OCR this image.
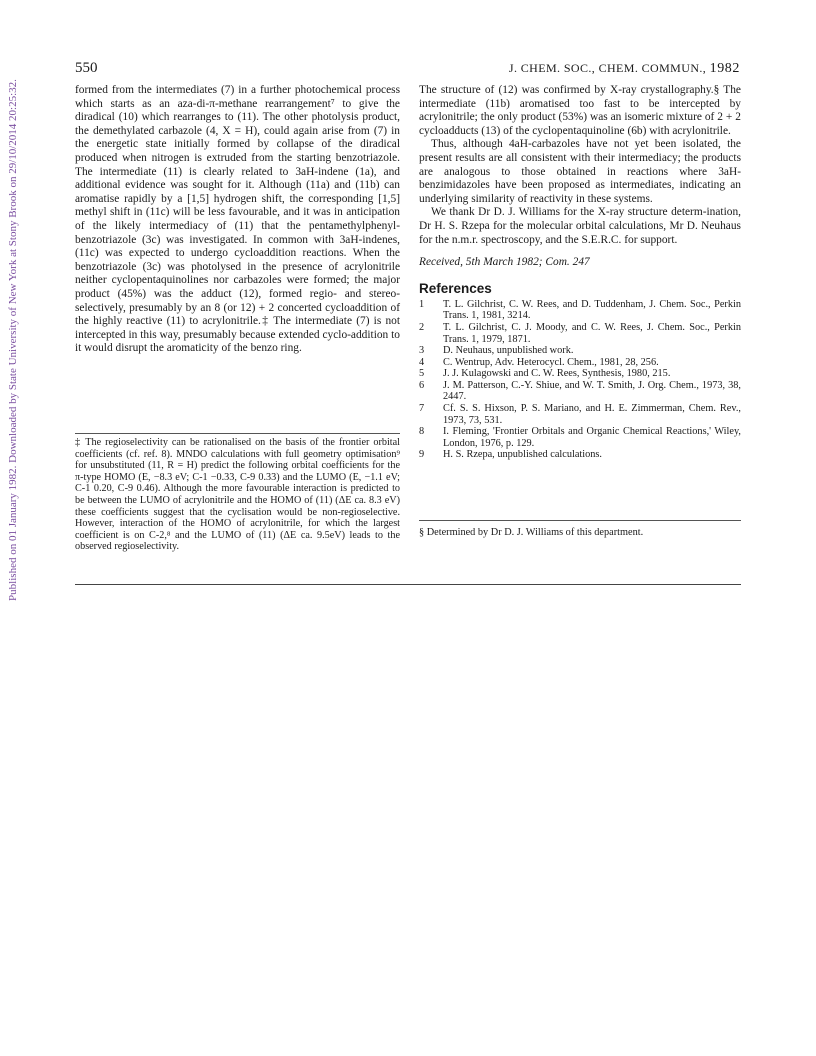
Published on 01 January 1982. Downloaded by State University of New York at Stony Brook on 29/10/2014 20:25:32.
550	J. CHEM. SOC., CHEM. COMMUN., 1982

formed from the intermediates (7) in a further photochemical process which starts as an aza-di-π-methane rearrangement⁷ to give the diradical (10) which rearranges to (11). The other photolysis product, the demethylated carbazole (4, X = H), could again arise from (7) in the energetic state initially formed by collapse of the diradical produced when nitrogen is extruded from the starting benzotriazole. The intermediate (11) is clearly related to 3aH-indene (1a), and additional evidence was sought for it. Although (11a) and (11b) can aromatise rapidly by a [1,5] hydrogen shift, the corresponding [1,5] methyl shift in (11c) will be less favourable, and it was in anticipation of the likely intermediacy of (11) that the pentamethylphenyl-benzotriazole (3c) was investigated. In common with 3aH-indenes, (11c) was expected to undergo cycloaddition reactions. When the benzotriazole (3c) was photolysed in the presence of acrylonitrile neither cyclopentaquinolines nor carbazoles were formed; the major product (45%) was the adduct (12), formed regio- and stereo-selectively, presumably by an 8 (or 12) + 2 concerted cycloaddition of the highly reactive (11) to acrylonitrile.‡ The intermediate (7) is not intercepted in this way, presumably because extended cyclo-addition to it would disrupt the aromaticity of the benzo ring.

‡ The regioselectivity can be rationalised on the basis of the frontier orbital coefficients (cf. ref. 8). MNDO calculations with full geometry optimisation⁹ for unsubstituted (11, R = H) predict the following orbital coefficients for the π-type HOMO (E, −8.3 eV; C-1 −0.33, C-9 0.33) and the LUMO (E, −1.1 eV; C-1 0.20, C-9 0.46). Although the more favourable interaction is predicted to be between the LUMO of acrylonitrile and the HOMO of (11) (ΔE ca. 8.3 eV) these coefficients suggest that the cyclisation would be non-regioselective. However, interaction of the HOMO of acrylonitrile, for which the largest coefficient is on C-2,⁸ and the LUMO of (11) (ΔE ca. 9.5eV) leads to the observed regioselectivity.

The structure of (12) was confirmed by X-ray crystallography.§ The intermediate (11b) aromatised too fast to be intercepted by acrylonitrile; the only product (53%) was an isomeric mixture of 2 + 2 cycloadducts (13) of the cyclopentaquinoline (6b) with acrylonitrile.

Thus, although 4aH-carbazoles have not yet been isolated, the present results are all consistent with their intermediacy; the products are analogous to those obtained in reactions where 3aH-benzimidazoles have been proposed as intermediates, indicating an underlying similarity of reactivity in these systems.

We thank Dr D. J. Williams for the X-ray structure determ-ination, Dr H. S. Rzepa for the molecular orbital calculations, Mr D. Neuhaus for the n.m.r. spectroscopy, and the S.E.R.C. for support.

Received, 5th March 1982; Com. 247

References
1	T. L. Gilchrist, C. W. Rees, and D. Tuddenham, J. Chem. Soc., Perkin Trans. 1, 1981, 3214.
2	T. L. Gilchrist, C. J. Moody, and C. W. Rees, J. Chem. Soc., Perkin Trans. 1, 1979, 1871.
3	D. Neuhaus, unpublished work.
4	C. Wentrup, Adv. Heterocycl. Chem., 1981, 28, 256.
5	J. J. Kulagowski and C. W. Rees, Synthesis, 1980, 215.
6	J. M. Patterson, C.-Y. Shiue, and W. T. Smith, J. Org. Chem., 1973, 38, 2447.
7	Cf. S. S. Hixson, P. S. Mariano, and H. E. Zimmerman, Chem. Rev., 1973, 73, 531.
8	I. Fleming, 'Frontier Orbitals and Organic Chemical Reactions,' Wiley, London, 1976, p. 129.
9	H. S. Rzepa, unpublished calculations.
§ Determined by Dr D. J. Williams of this department.
